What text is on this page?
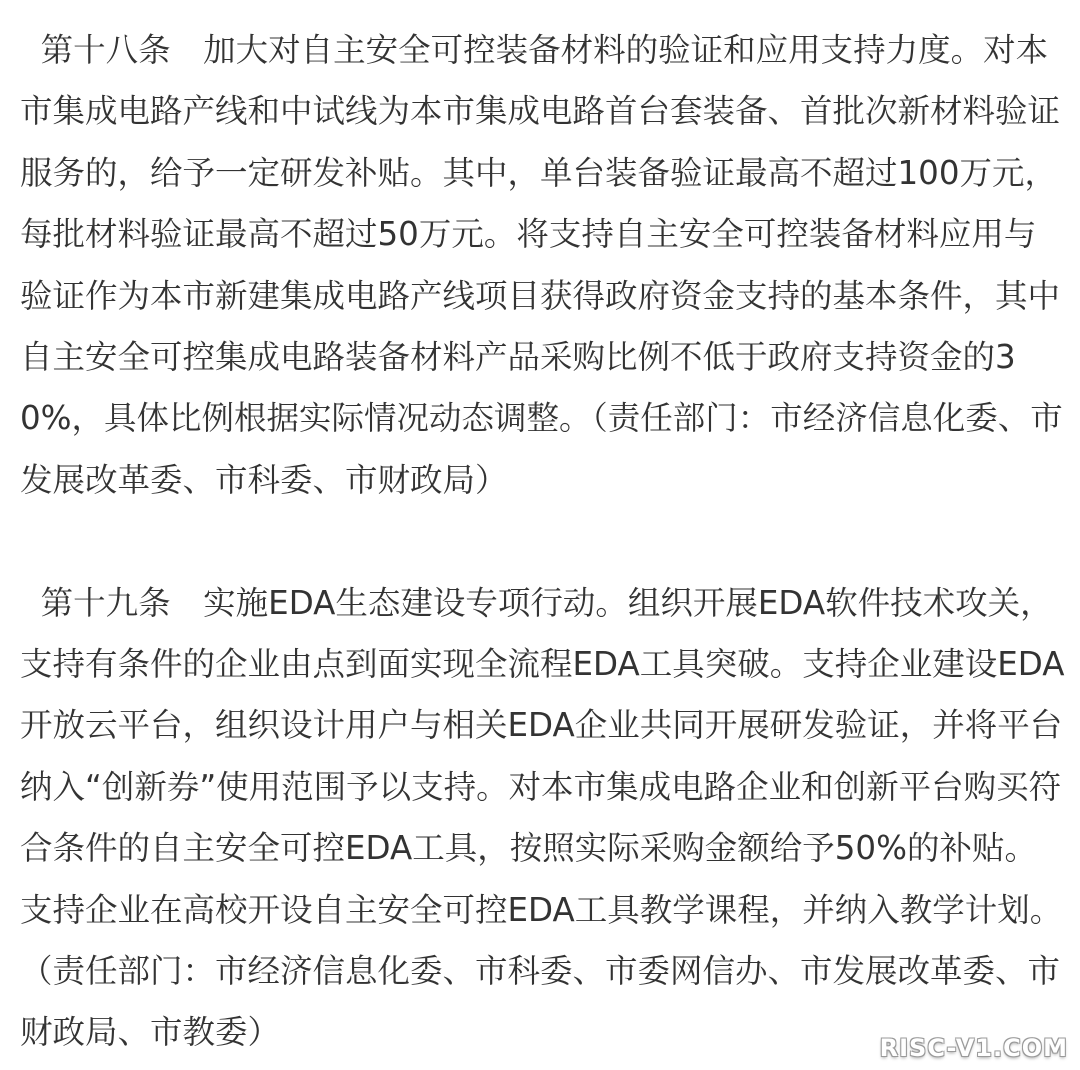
第十八条　加大对自主安全可控装备材料的验证和应用支持力度。对本市集成电路产线和中试线为本市集成电路首台套装备、首批次新材料验证服务的，给予一定研发补贴。其中，单台装备验证最高不超过100万元，每批材料验证最高不超过50万元。将支持自主安全可控装备材料应用与验证作为本市新建集成电路产线项目获得政府资金支持的基本条件，其中自主安全可控集成电路装备材料产品采购比例不低于政府支持资金的30%，具体比例根据实际情况动态调整。（责任部门：市经济信息化委、市发展改革委、市科委、市财政局）

第十九条　实施EDA生态建设专项行动。组织开展EDA软件技术攻关，支持有条件的企业由点到面实现全流程EDA工具突破。支持企业建设EDA开放云平台，组织设计用户与相关EDA企业共同开展研发验证，并将平台纳入“创新券”使用范围予以支持。对本市集成电路企业和创新平台购买符合条件的自主安全可控EDA工具，按照实际采购金额给予50%的补贴。支持企业在高校开设自主安全可控EDA工具教学课程，并纳入教学计划。（责任部门：市经济信息化委、市科委、市委网信办、市发展改革委、市财政局、市教委）	RISC-V1.COM
